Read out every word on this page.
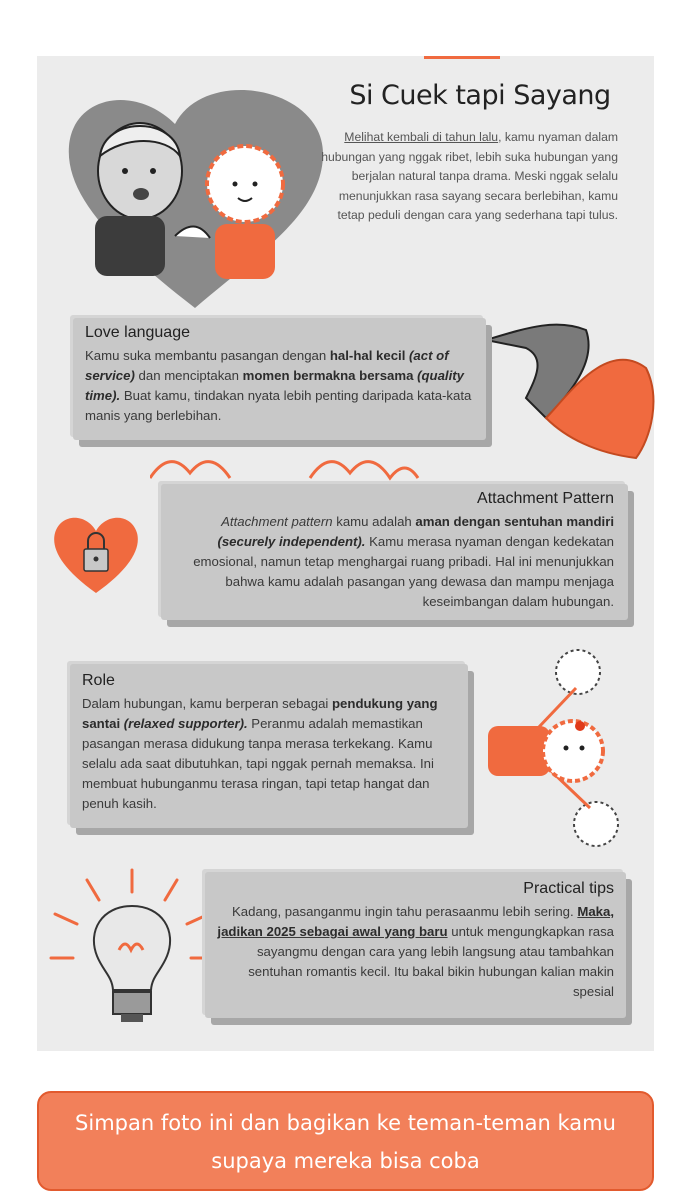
Si Cuek tapi Sayang
Melihat kembali di tahun lalu, kamu nyaman dalam hubungan yang nggak ribet, lebih suka hubungan yang berjalan natural tanpa drama. Meski nggak selalu menunjukkan rasa sayang secara berlebihan, kamu tetap peduli dengan cara yang sederhana tapi tulus.
Love language
Kamu suka membantu pasangan dengan hal-hal kecil (act of service) dan menciptakan momen bermakna bersama (quality time). Buat kamu, tindakan nyata lebih penting daripada kata-kata manis yang berlebihan.
Attachment Pattern
Attachment pattern kamu adalah aman dengan sentuhan mandiri (securely independent). Kamu merasa nyaman dengan kedekatan emosional, namun tetap menghargai ruang pribadi. Hal ini menunjukkan bahwa kamu adalah pasangan yang dewasa dan mampu menjaga keseimbangan dalam hubungan.
Role
Dalam hubungan, kamu berperan sebagai pendukung yang santai (relaxed supporter). Peranmu adalah memastikan pasangan merasa didukung tanpa merasa terkekang. Kamu selalu ada saat dibutuhkan, tapi nggak pernah memaksa. Ini membuat hubunganmu terasa ringan, tapi tetap hangat dan penuh kasih.
Practical tips
Kadang, pasanganmu ingin tahu perasaanmu lebih sering. Maka, jadikan 2025 sebagai awal yang baru untuk mengungkapkan rasa sayangmu dengan cara yang lebih langsung atau tambahkan sentuhan romantis kecil. Itu bakal bikin hubungan kalian makin spesial
Simpan foto ini dan bagikan ke teman-teman kamu
supaya mereka bisa coba
